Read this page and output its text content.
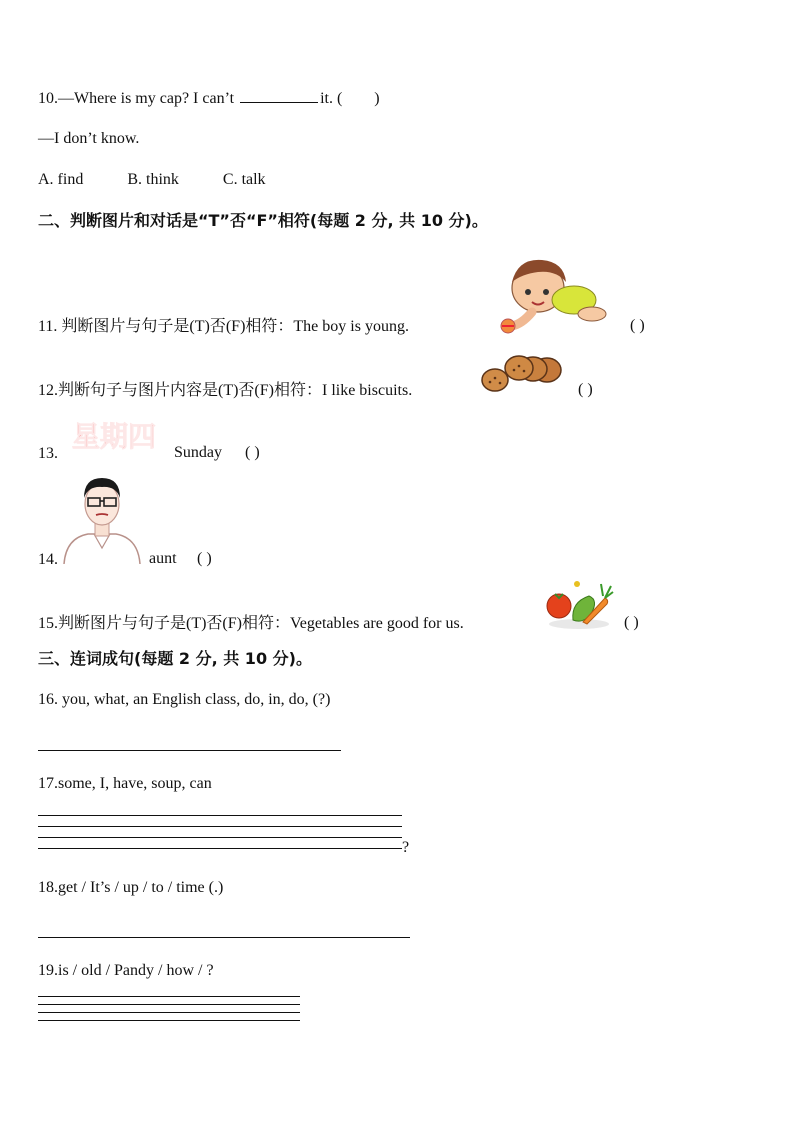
10.—Where is my cap? I can’t	it. ( )
—I don’t know.
A. find	B. think	C. talk
二、判断图片和对话是“T”否“F”相符(每题 2 分, 共 10 分)。
11. 判断图片与句子是(T)否(F)相符：The boy is young.	( )
12.判断句子与图片内容是(T)否(F)相符：I like biscuits.	( )
13.
星期四 Sunday ( )
14.	aunt ( )
15.判断图片与句子是(T)否(F)相符：Vegetables are good for us.	( )
三、连词成句(每题 2 分, 共 10 分)。
16. you, what, an English class, do, in, do, (?)
17.some, I, have, soup, can
?
18.get / It’s / up / to / time (.)
19.is / old / Pandy / how / ?
